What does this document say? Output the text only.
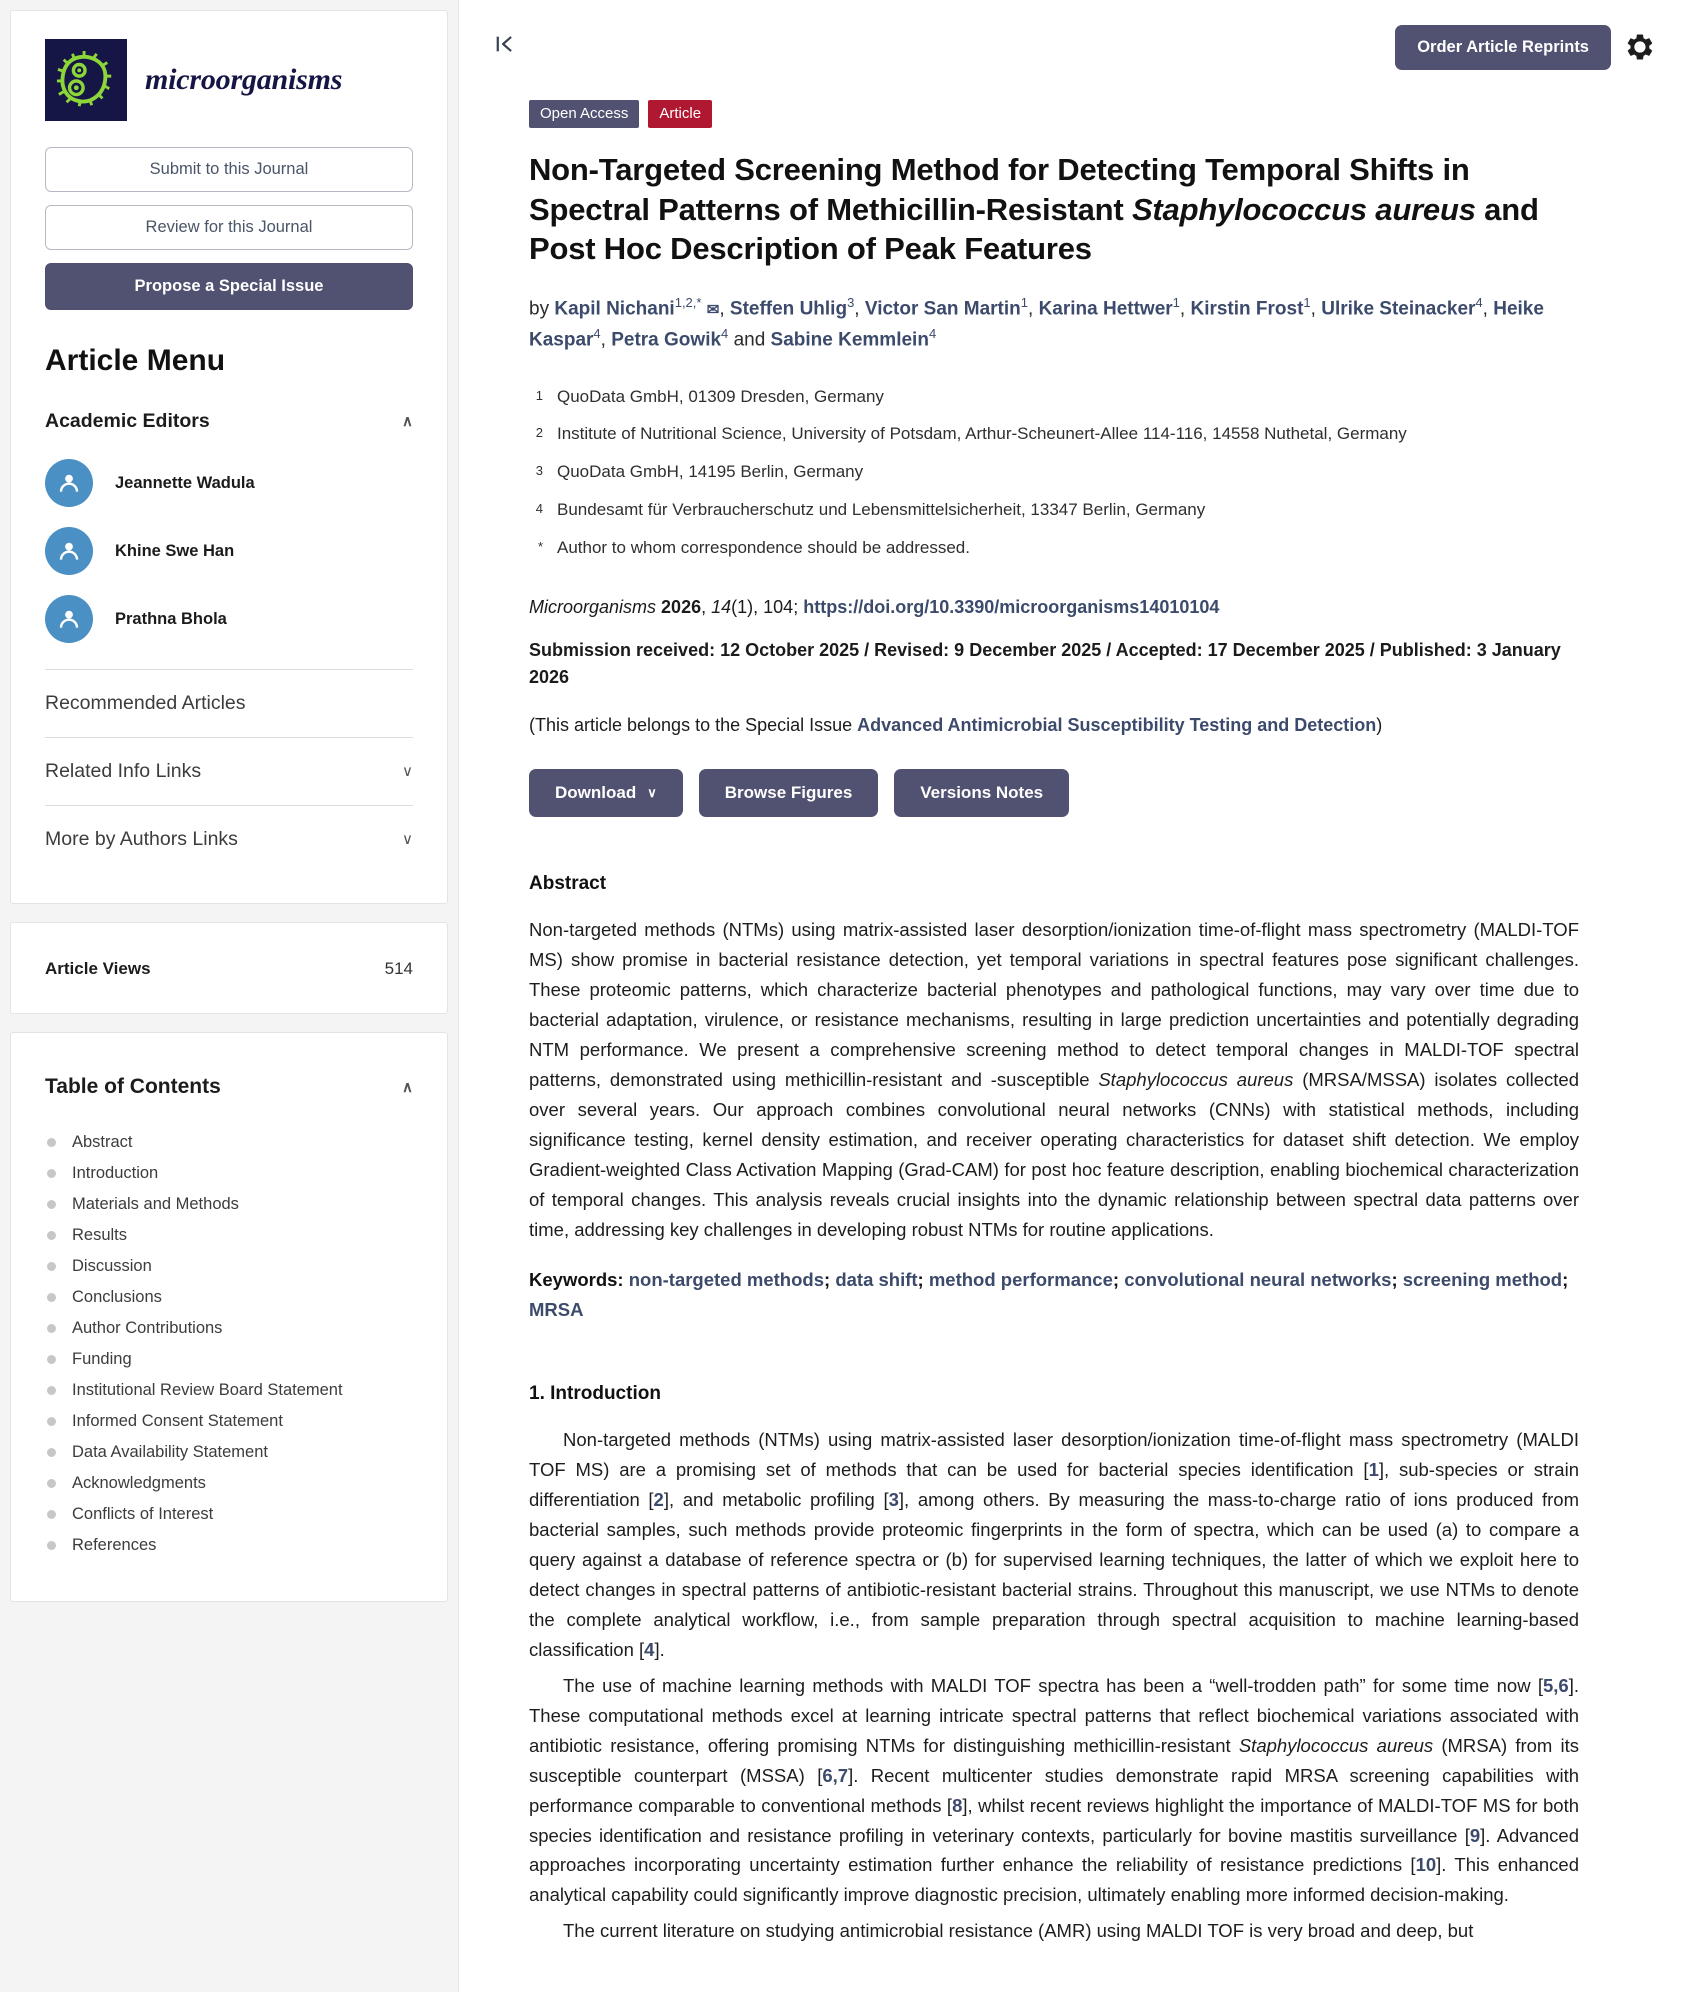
microorganisms
Submit to this Journal
Review for this Journal
Propose a Special Issue
Article Menu
Academic Editors	∧
Jeannette Wadula
Khine Swe Han
Prathna Bhola
Recommended Articles
Related Info Links	∨
More by Authors Links	∨
Article Views	514
Table of Contents	∧
Abstract
Introduction
Materials and Methods
Results
Discussion
Conclusions
Author Contributions
Funding
Institutional Review Board Statement
Informed Consent Statement
Data Availability Statement
Acknowledgments
Conflicts of Interest
References
Order Article Reprints
Open Access	Article
Non-Targeted Screening Method for Detecting Temporal Shifts in Spectral Patterns of Methicillin-Resistant Staphylococcus aureus and Post Hoc Description of Peak Features
by Kapil Nichani$^{1,2,*}$ ✉, Steffen Uhlig$^3$, Victor San Martin$^1$, Karina Hettwer$^1$, Kirstin Frost$^1$, Ulrike Steinacker$^4$, Heike Kaspar$^4$, Petra Gowik$^4$ and Sabine Kemmlein$^4$
1 QuoData GmbH, 01309 Dresden, Germany
2 Institute of Nutritional Science, University of Potsdam, Arthur-Scheunert-Allee 114-116, 14558 Nuthetal, Germany
3 QuoData GmbH, 14195 Berlin, Germany
4 Bundesamt für Verbraucherschutz und Lebensmittelsicherheit, 13347 Berlin, Germany
* Author to whom correspondence should be addressed.

Microorganisms 2026, 14(1), 104; https://doi.org/10.3390/microorganisms14010104

Submission received: 12 October 2025 / Revised: 9 December 2025 / Accepted: 17 December 2025 / Published: 3 January 2026

(This article belongs to the Special Issue Advanced Antimicrobial Susceptibility Testing and Detection)

Download ∨	Browse Figures	Versions Notes
Abstract

Non-targeted methods (NTMs) using matrix-assisted laser desorption/ionization time-of-flight mass spectrometry (MALDI-TOF MS) show promise in bacterial resistance detection, yet temporal variations in spectral features pose significant challenges. These proteomic patterns, which characterize bacterial phenotypes and pathological functions, may vary over time due to bacterial adaptation, virulence, or resistance mechanisms, resulting in large prediction uncertainties and potentially degrading NTM performance. We present a comprehensive screening method to detect temporal changes in MALDI-TOF spectral patterns, demonstrated using methicillin-resistant and -susceptible Staphylococcus aureus (MRSA/MSSA) isolates collected over several years. Our approach combines convolutional neural networks (CNNs) with statistical methods, including significance testing, kernel density estimation, and receiver operating characteristics for dataset shift detection. We employ Gradient-weighted Class Activation Mapping (Grad-CAM) for post hoc feature description, enabling biochemical characterization of temporal changes. This analysis reveals crucial insights into the dynamic relationship between spectral data patterns over time, addressing key challenges in developing robust NTMs for routine applications.

Keywords: non-targeted methods; data shift; method performance; convolutional neural networks; screening method; MRSA

1. Introduction

Non-targeted methods (NTMs) using matrix-assisted laser desorption/ionization time-of-flight mass spectrometry (MALDI TOF MS) are a promising set of methods that can be used for bacterial species identification [1], sub-species or strain differentiation [2], and metabolic profiling [3], among others. By measuring the mass-to-charge ratio of ions produced from bacterial samples, such methods provide proteomic fingerprints in the form of spectra, which can be used (a) to compare a query against a database of reference spectra or (b) for supervised learning techniques, the latter of which we exploit here to detect changes in spectral patterns of antibiotic-resistant bacterial strains. Throughout this manuscript, we use NTMs to denote the complete analytical workflow, i.e., from sample preparation through spectral acquisition to machine learning-based classification [4].

The use of machine learning methods with MALDI TOF spectra has been a “well-trodden path” for some time now [5,6]. These computational methods excel at learning intricate spectral patterns that reflect biochemical variations associated with antibiotic resistance, offering promising NTMs for distinguishing methicillin-resistant Staphylococcus aureus (MRSA) from its susceptible counterpart (MSSA) [6,7]. Recent multicenter studies demonstrate rapid MRSA screening capabilities with performance comparable to conventional methods [8], whilst recent reviews highlight the importance of MALDI-TOF MS for both species identification and resistance profiling in veterinary contexts, particularly for bovine mastitis surveillance [9]. Advanced approaches incorporating uncertainty estimation further enhance the reliability of resistance predictions [10]. This enhanced analytical capability could significantly improve diagnostic precision, ultimately enabling more informed decision-making.

The current literature on studying antimicrobial resistance (AMR) using MALDI TOF is very broad and deep, but
